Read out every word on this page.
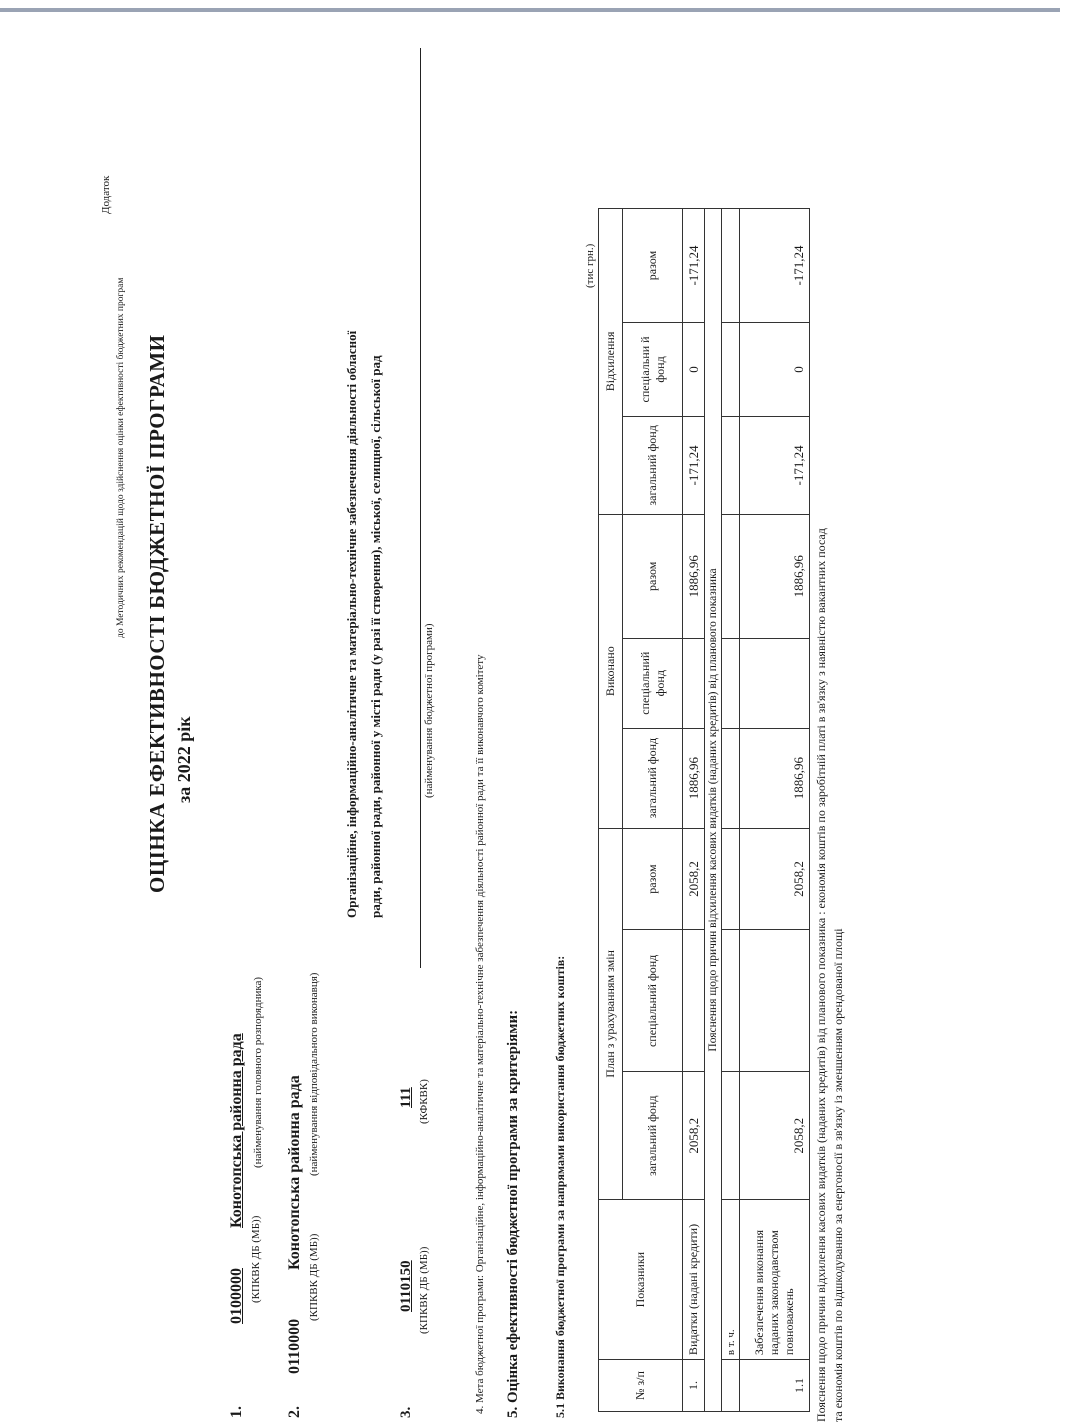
Додаток
до Методичних рекомендацій щодо здійснення оцінки ефективності бюджетних програм ОЦІНКА ЕФЕКТИВНОСТІ БЮДЖЕТНОЇ ПРОГРАМИ за 2022 рік
1.
0100000
Конотопська районна рада
(КПКВК ДБ (МБ))
(найменування головного розпорядника)
2.
0110000
Конотопська районна рада
(КПКВК ДБ (МБ))
(найменування відповідального виконавця)
Організаційне, інформаційно-аналітичне та матеріально-технічне забезпечення діяльності обласної ради, районної ради, районної у місті ради (у разі її створення), міської, селищної, сільської рад
3.
0110150
111
(КПКВК ДБ (МБ))
(КФКВК)
(найменування бюджетної програми)	4. Мета бюджетної програми: Організаційне, інформаційно-аналітичне та матеріально-технічне забезпечення діяльності районної ради та її виконавчого комітету 5. Оцінка ефективності бюджетної програми за критеріями:	5.1 Виконання бюджетної програми за напрямами використання бюджетних коштів:
(тис грн.)
№ з/п	Показники	План з урахуванням змін			Виконано			Відхилення		
		загальний фонд	спеціальний фонд	разом	загальний фонд	спеціальний фонд	разом	загальний фонд	спеціальни й фонд	разом
1.	Видатки (надані кредити)	2058,2		2058,2	1886,96		1886,96	-171,24	0	-171,24
Пояснення щодо причин відхилення касових видатків (наданих кредитів) від планового показника										
	в т. ч.									
1.1	Забезпечення виконання наданих законодавством повноважень	2058,2		2058,2	1886,96		1886,96	-171,24	0	-171,24
Пояснення щодо причин відхилення касових видатків (наданих кредитів) від планового показника : економія коштів по заробітній платі в зв'язку з наявністю вакантних посад та економія коштів по відшкодуванню за енергоносії в зв'язку із зменшенням орендованої площі
